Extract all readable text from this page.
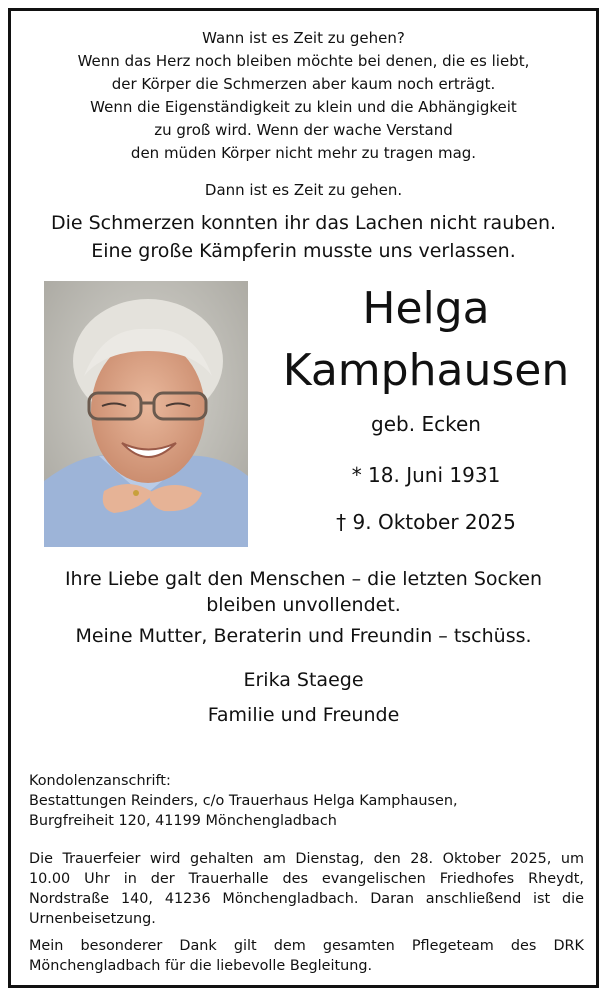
Wann ist es Zeit zu gehen?
Wenn das Herz noch bleiben möchte bei denen, die es liebt,
der Körper die Schmerzen aber kaum noch erträgt.
Wenn die Eigenständigkeit zu klein und die Abhängigkeit
zu groß wird. Wenn der wache Verstand
den müden Körper nicht mehr zu tragen mag.
Dann ist es Zeit zu gehen.
Die Schmerzen konnten ihr das Lachen nicht rauben.
Eine große Kämpferin musste uns verlassen.
Helga
Kamphausen
geb. Ecken
* 18. Juni 1931
† 9. Oktober 2025
Ihre Liebe galt den Menschen – die letzten Socken
bleiben unvollendet.
Meine Mutter, Beraterin und Freundin – tschüss.
Erika Staege
Familie und Freunde
Kondolenzanschrift:
Bestattungen Reinders, c/o Trauerhaus Helga Kamphausen,
Burgfreiheit 120, 41199 Mönchengladbach
Die Trauerfeier wird gehalten am Dienstag, den 28. Oktober 2025, um
10.00 Uhr in der Trauerhalle des evangelischen Friedhofes Rheydt,
Nordstraße 140, 41236 Mönchengladbach. Daran anschließend ist die
Urnenbeisetzung.
Mein besonderer Dank gilt dem gesamten Pflegeteam des DRK
Mönchengladbach für die liebevolle Begleitung.
